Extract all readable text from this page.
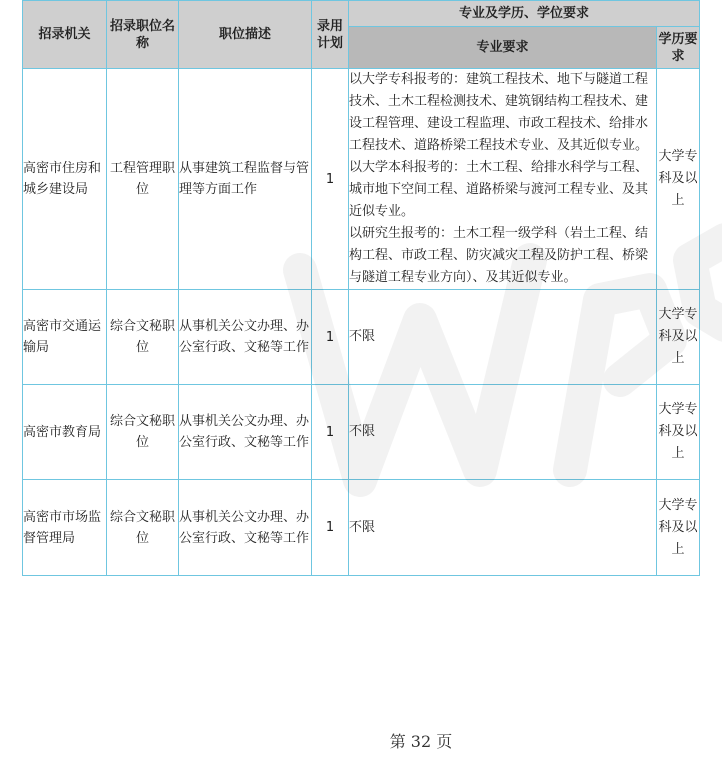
招录机关	招录职位名称	职位描述	录用计划	专业及学历、学位要求	
				专业要求	学历要求
高密市住房和城乡建设局	工程管理职位	从事建筑工程监督与管理等方面工作	1	以大学专科报考的：建筑工程技术、地下与隧道工程技术、土木工程检测技术、建筑钢结构工程技术、建设工程管理、建设工程监理、市政工程技术、给排水工程技术、道路桥梁工程技术专业、及其近似专业。

以大学本科报考的：土木工程、给排水科学与工程、城市地下空间工程、道路桥梁与渡河工程专业、及其近似专业。

以研究生报考的：土木工程一级学科（岩土工程、结构工程、市政工程、防灾减灾工程及防护工程、桥梁与隧道工程专业方向）、及其近似专业。	大学专科及以上
高密市交通运输局	综合文秘职位	从事机关公文办理、办公室行政、文秘等工作	1	不限	大学专科及以上
高密市教育局	综合文秘职位	从事机关公文办理、办公室行政、文秘等工作	1	不限	大学专科及以上
高密市市场监督管理局	综合文秘职位	从事机关公文办理、办公室行政、文秘等工作	1	不限	大学专科及以上
第 32 页
